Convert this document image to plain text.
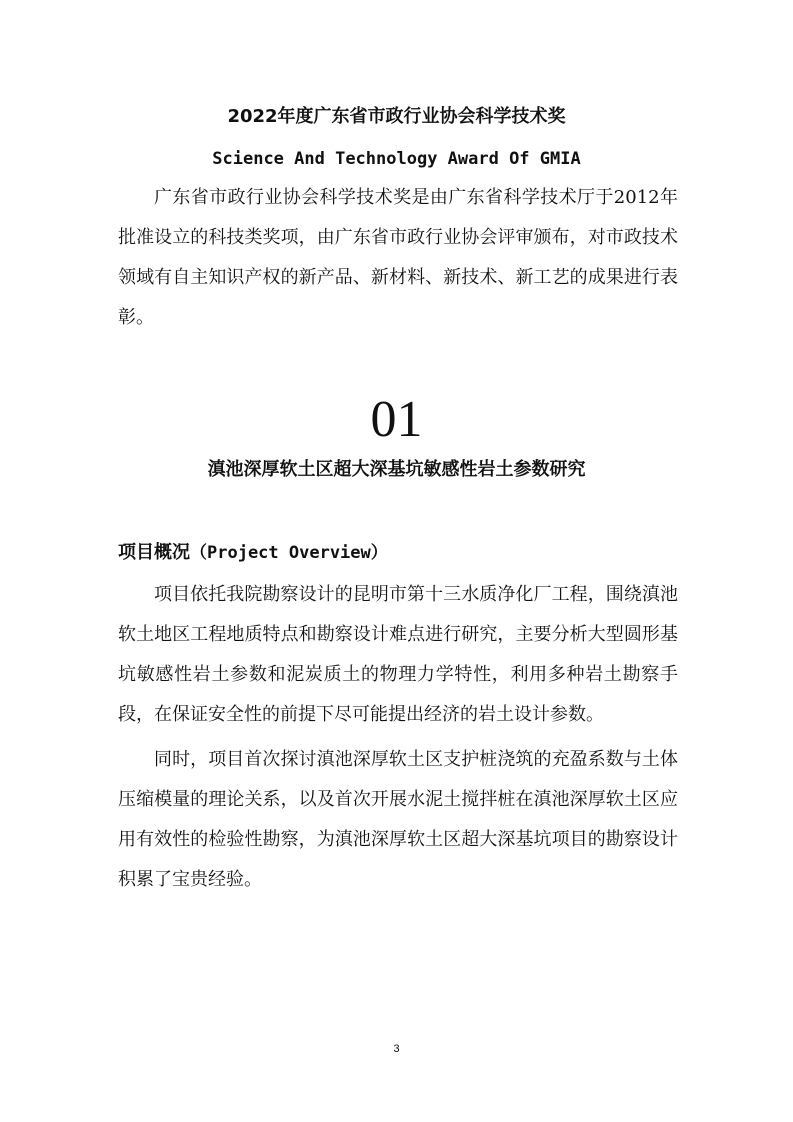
2022年度广东省市政行业协会科学技术奖
Science And Technology Award Of GMIA

广东省市政行业协会科学技术奖是由广东省科学技术厅于2012年批准设立的科技类奖项，由广东省市政行业协会评审颁布，对市政技术领域有自主知识产权的新产品、新材料、新技术、新工艺的成果进行表彰。

01
滇池深厚软土区超大深基坑敏感性岩土参数研究
项目概况（Project Overview）

项目依托我院勘察设计的昆明市第十三水质净化厂工程，围绕滇池软土地区工程地质特点和勘察设计难点进行研究，主要分析大型圆形基坑敏感性岩土参数和泥炭质土的物理力学特性，利用多种岩土勘察手段，在保证安全性的前提下尽可能提出经济的岩土设计参数。

同时，项目首次探讨滇池深厚软土区支护桩浇筑的充盈系数与土体压缩模量的理论关系，以及首次开展水泥土搅拌桩在滇池深厚软土区应用有效性的检验性勘察，为滇池深厚软土区超大深基坑项目的勘察设计积累了宝贵经验。

3
